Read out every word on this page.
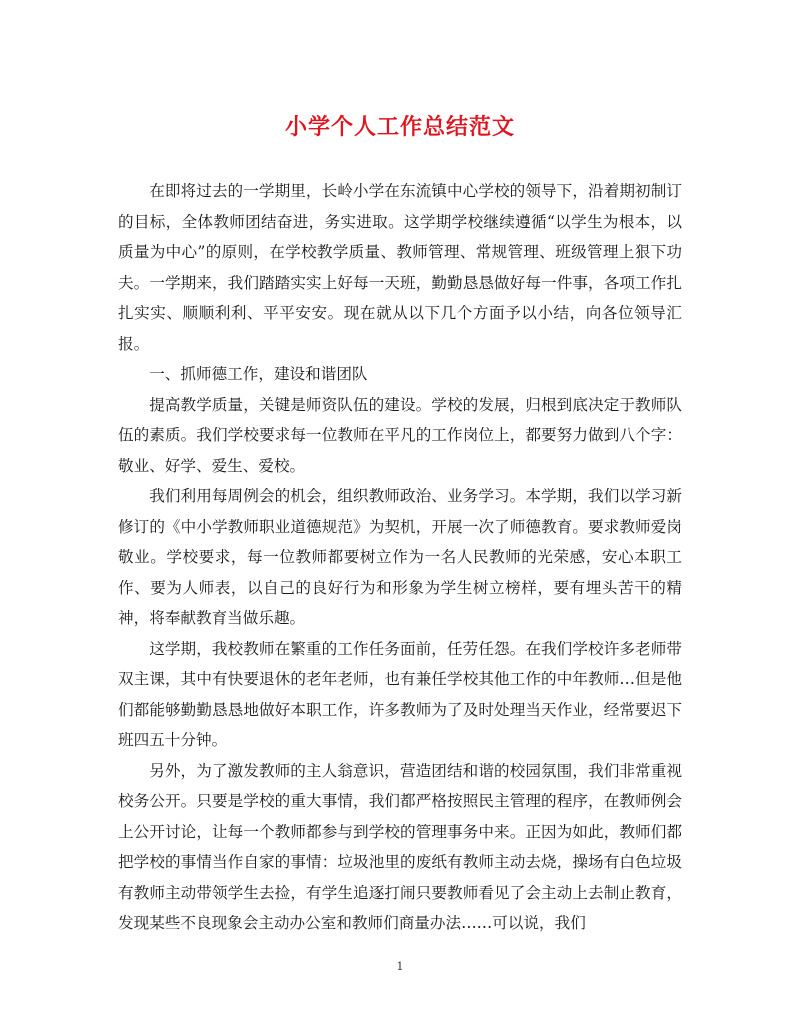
小学个人工作总结范文

在即将过去的一学期里，长岭小学在东流镇中心学校的领导下，沿着期初制订的目标，全体教师团结奋进，务实进取。这学期学校继续遵循“以学生为根本，以质量为中心”的原则，在学校教学质量、教师管理、常规管理、班级管理上狠下功夫。一学期来，我们踏踏实实上好每一天班，勤勤恳恳做好每一件事，各项工作扎扎实实、顺顺利利、平平安安。现在就从以下几个方面予以小结，向各位领导汇报。

一、抓师德工作，建设和谐团队

提高教学质量，关键是师资队伍的建设。学校的发展，归根到底决定于教师队伍的素质。我们学校要求每一位教师在平凡的工作岗位上，都要努力做到八个字：敬业、好学、爱生、爱校。

我们利用每周例会的机会，组织教师政治、业务学习。本学期，我们以学习新修订的《中小学教师职业道德规范》为契机，开展一次了师德教育。要求教师爱岗敬业。学校要求，每一位教师都要树立作为一名人民教师的光荣感，安心本职工作、要为人师表，以自己的良好行为和形象为学生树立榜样，要有埋头苦干的精神，将奉献教育当做乐趣。

这学期，我校教师在繁重的工作任务面前，任劳任怨。在我们学校许多老师带双主课，其中有快要退休的老年老师，也有兼任学校其他工作的中年教师…但是他们都能够勤勤恳恳地做好本职工作，许多教师为了及时处理当天作业，经常要迟下班四五十分钟。

另外，为了激发教师的主人翁意识，营造团结和谐的校园氛围，我们非常重视校务公开。只要是学校的重大事情，我们都严格按照民主管理的程序，在教师例会上公开讨论，让每一个教师都参与到学校的管理事务中来。正因为如此，教师们都把学校的事情当作自家的事情：垃圾池里的废纸有教师主动去烧，操场有白色垃圾有教师主动带领学生去捡，有学生追逐打闹只要教师看见了会主动上去制止教育，发现某些不良现象会主动办公室和教师们商量办法……可以说，我们

1
